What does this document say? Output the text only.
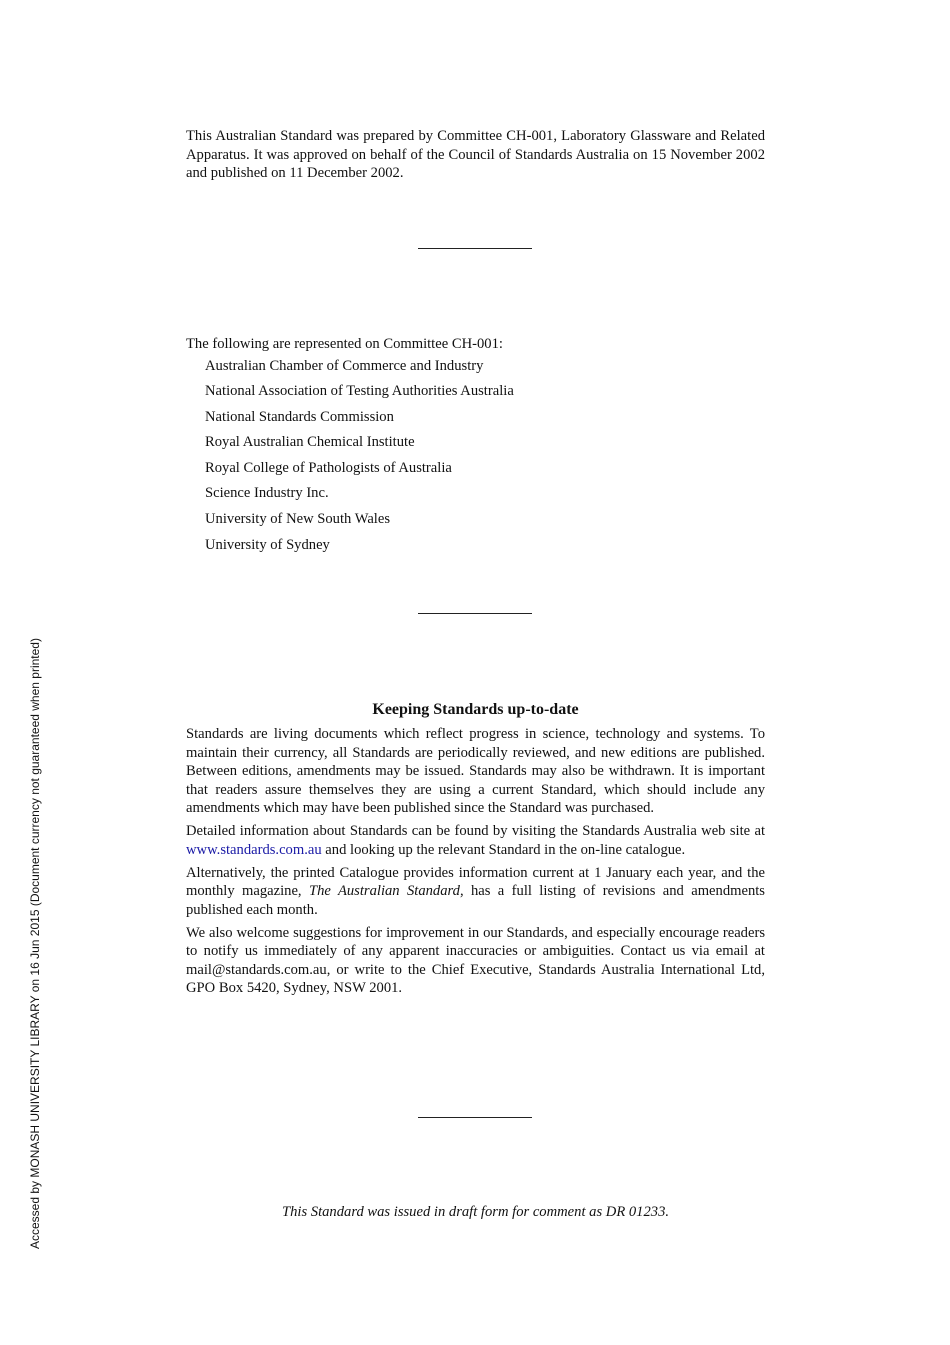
This Australian Standard was prepared by Committee CH-001, Laboratory Glassware and Related Apparatus. It was approved on behalf of the Council of Standards Australia on 15 November 2002 and published on 11 December 2002.
The following are represented on Committee CH-001:
Australian Chamber of Commerce and Industry
National Association of Testing Authorities Australia
National Standards Commission
Royal Australian Chemical Institute
Royal College of Pathologists of Australia
Science Industry Inc.
University of New South Wales
University of Sydney
Keeping Standards up-to-date

Standards are living documents which reflect progress in science, technology and systems. To maintain their currency, all Standards are periodically reviewed, and new editions are published. Between editions, amendments may be issued. Standards may also be withdrawn. It is important that readers assure themselves they are using a current Standard, which should include any amendments which may have been published since the Standard was purchased.

Detailed information about Standards can be found by visiting the Standards Australia web site at www.standards.com.au and looking up the relevant Standard in the on-line catalogue.

Alternatively, the printed Catalogue provides information current at 1 January each year, and the monthly magazine, The Australian Standard, has a full listing of revisions and amendments published each month.

We also welcome suggestions for improvement in our Standards, and especially encourage readers to notify us immediately of any apparent inaccuracies or ambiguities. Contact us via email at mail@standards.com.au, or write to the Chief Executive, Standards Australia International Ltd, GPO Box 5420, Sydney, NSW 2001.

This Standard was issued in draft form for comment as DR 01233.
Accessed by MONASH UNIVERSITY LIBRARY on 16 Jun 2015 (Document currency not guaranteed when printed)
